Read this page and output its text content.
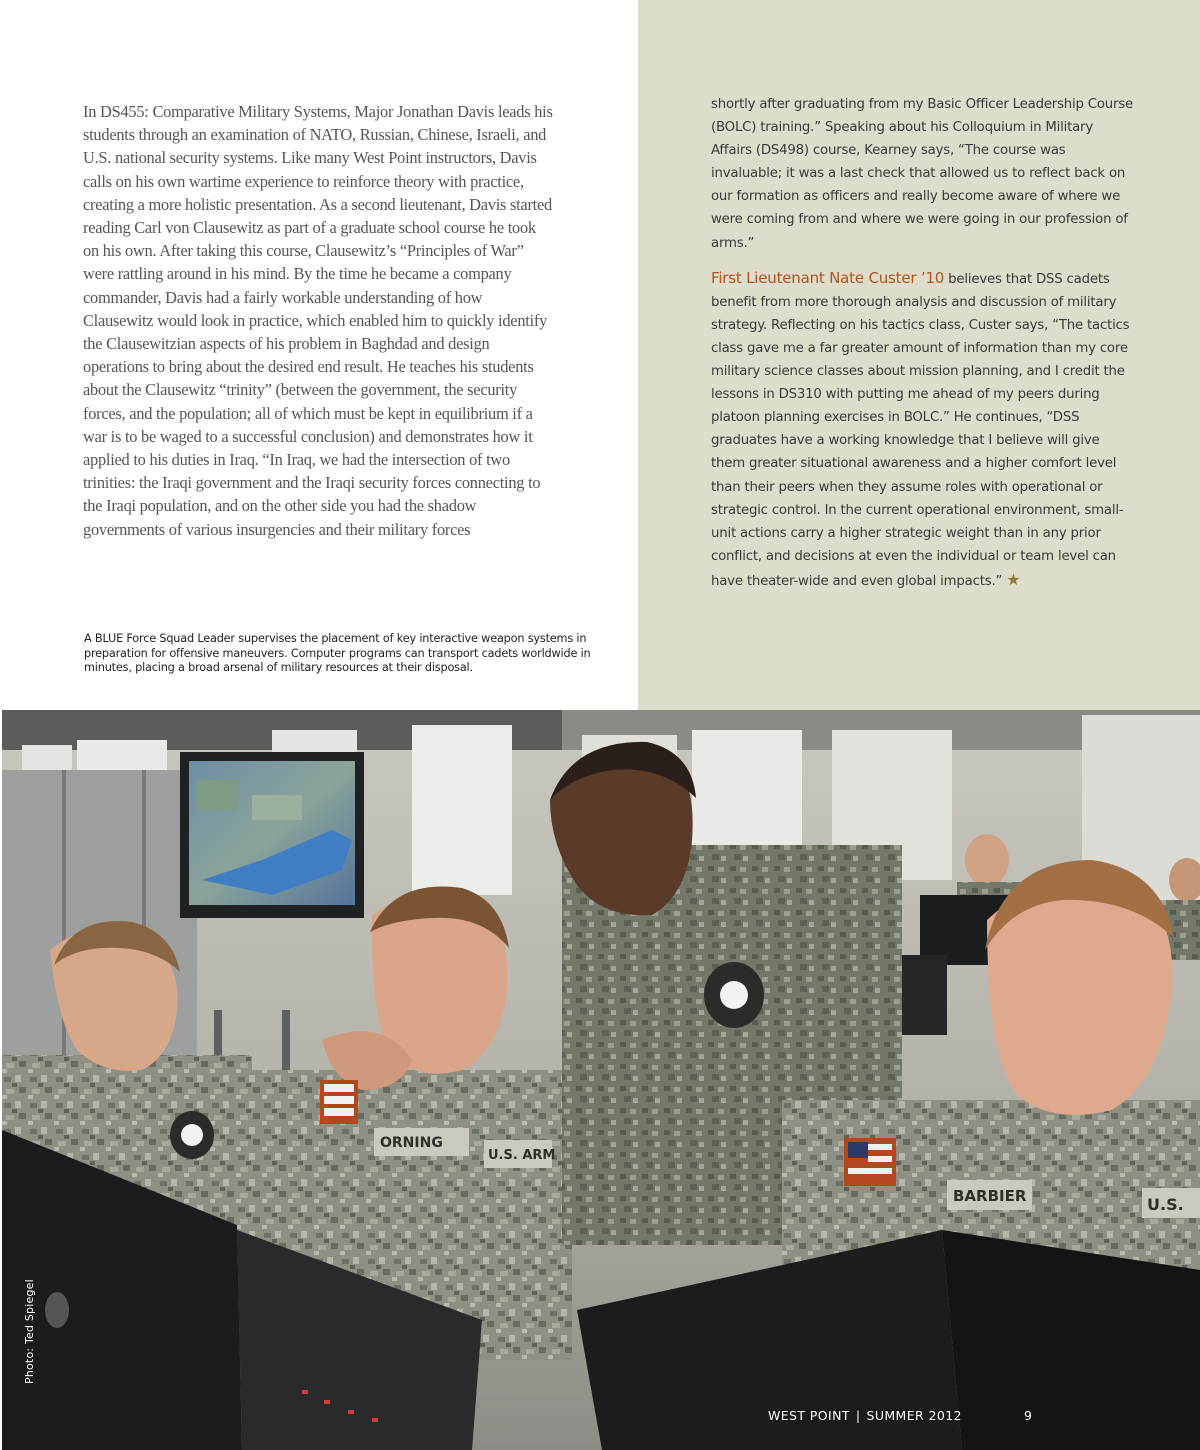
In DS455: Comparative Military Systems, Major Jonathan Davis leads his students through an examination of NATO, Russian, Chinese, Israeli, and U.S. national security systems. Like many West Point instructors, Davis calls on his own wartime experience to reinforce theory with practice, creating a more holistic presentation. As a second lieutenant, Davis started reading Carl von Clausewitz as part of a graduate school course he took on his own. After taking this course, Clausewitz’s “Principles of War” were rattling around in his mind. By the time he became a company commander, Davis had a fairly workable understanding of how Clausewitz would look in practice, which enabled him to quickly identify the Clausewitzian aspects of his problem in Baghdad and design operations to bring about the desired end result. He teaches his students about the Clausewitz “trinity” (between the government, the security forces, and the population; all of which must be kept in equilibrium if a war is to be waged to a successful conclusion) and demonstrates how it applied to his duties in Iraq. “In Iraq, we had the intersection of two trinities: the Iraqi government and the Iraqi security forces connecting to the Iraqi population, and on the other side you had the shadow governments of various insurgencies and their military forces

shortly after graduating from my Basic Officer Leadership Course (BOLC) training.” Speaking about his Colloquium in Military Affairs (DS498) course, Kearney says, “The course was invaluable; it was a last check that allowed us to reflect back on our formation as officers and really become aware of where we were coming from and where we were going in our profession of arms.”

First Lieutenant Nate Custer ’10 believes that DSS cadets benefit from more thorough analysis and discussion of military strategy. Reflecting on his tactics class, Custer says, “The tactics class gave me a far greater amount of information than my core military science classes about mission planning, and I credit the lessons in DS310 with putting me ahead of my peers during platoon planning exercises in BOLC.” He continues, “DSS graduates have a working knowledge that I believe will give them greater situational awareness and a higher comfort level than their peers when they assume roles with operational or strategic control. In the current operational environment, small-unit actions carry a higher strategic weight than in any prior conflict, and decisions at even the individual or team level can have theater-wide and even global impacts.” ★

A BLUE Force Squad Leader supervises the placement of key interactive weapon systems in preparation for offensive maneuvers. Computer programs can transport cadets worldwide in minutes, placing a broad arsenal of military resources at their disposal.

ORNING
U.S. ARM
BARBIER	U.S.
Photo: Ted Spiegel
WEST POINT | SUMMER 2012	9
